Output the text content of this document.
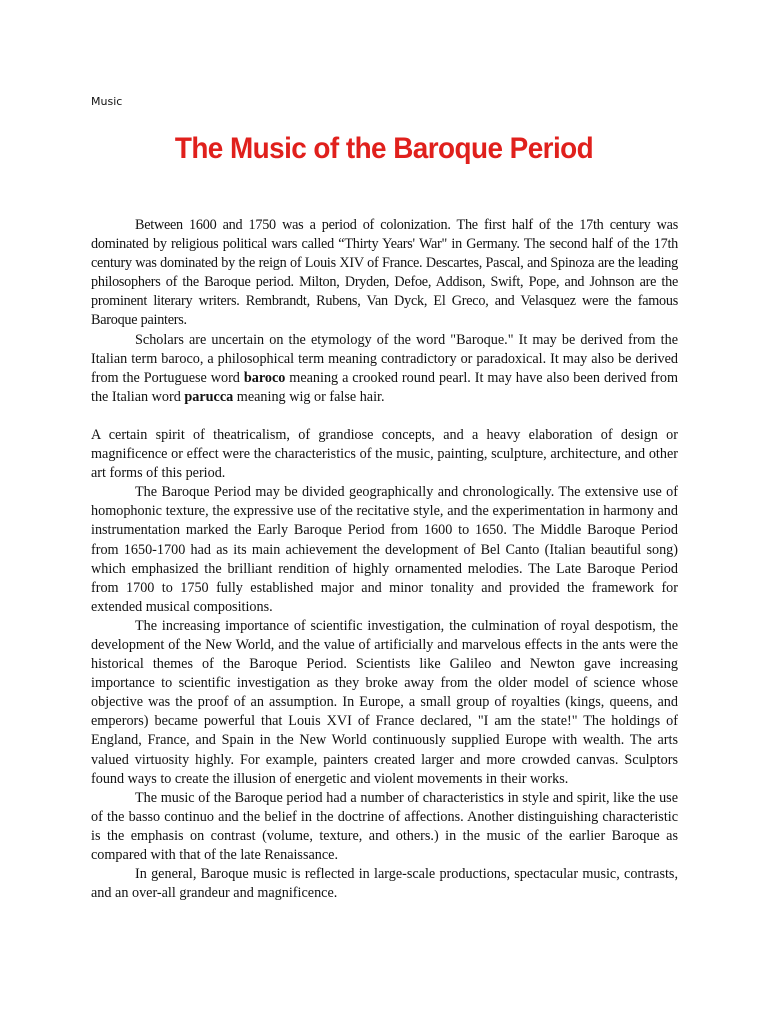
Music
The Music of the Baroque Period

Between 1600 and 1750 was a period of colonization. The first half of the 17th century was dominated by religious political wars called “Thirty Years' War" in Germany. The second half of the 17th century was dominated by the reign of Louis XIV of France. Descartes, Pascal, and Spinoza are the leading philosophers of the Baroque period. Milton, Dryden, Defoe, Addison, Swift, Pope, and Johnson are the prominent literary writers. Rembrandt, Rubens, Van Dyck, El Greco, and Velasquez were the famous Baroque painters.

Scholars are uncertain on the etymology of the word "Baroque." It may be derived from the Italian term baroco, a philosophical term meaning contradictory or paradoxical. It may also be derived from the Portuguese word baroco meaning a crooked round pearl. It may have also been derived from the Italian word parucca meaning wig or false hair.

A certain spirit of theatricalism, of grandiose concepts, and a heavy elaboration of design or magnificence or effect were the characteristics of the music, painting, sculpture, architecture, and other art forms of this period.

The Baroque Period may be divided geographically and chronologically. The extensive use of homophonic texture, the expressive use of the recitative style, and the experimentation in harmony and instrumentation marked the Early Baroque Period from 1600 to 1650. The Middle Baroque Period from 1650-1700 had as its main achievement the development of Bel Canto (Italian beautiful song) which emphasized the brilliant rendition of highly ornamented melodies. The Late Baroque Period from 1700 to 1750 fully established major and minor tonality and provided the framework for extended musical compositions.

The increasing importance of scientific investigation, the culmination of royal despotism, the development of the New World, and the value of artificially and marvelous effects in the ants were the historical themes of the Baroque Period. Scientists like Galileo and Newton gave increasing importance to scientific investigation as they broke away from the older model of science whose objective was the proof of an assumption. In Europe, a small group of royalties (kings, queens, and emperors) became powerful that Louis XVI of France declared, "I am the state!" The holdings of England, France, and Spain in the New World continuously supplied Europe with wealth. The arts valued virtuosity highly. For example, painters created larger and more crowded canvas. Sculptors found ways to create the illusion of energetic and violent movements in their works.

The music of the Baroque period had a number of characteristics in style and spirit, like the use of the basso continuo and the belief in the doctrine of affections. Another distinguishing characteristic is the emphasis on contrast (volume, texture, and others.) in the music of the earlier Baroque as compared with that of the late Renaissance.

In general, Baroque music is reflected in large-scale productions, spectacular music, contrasts, and an over-all grandeur and magnificence.
